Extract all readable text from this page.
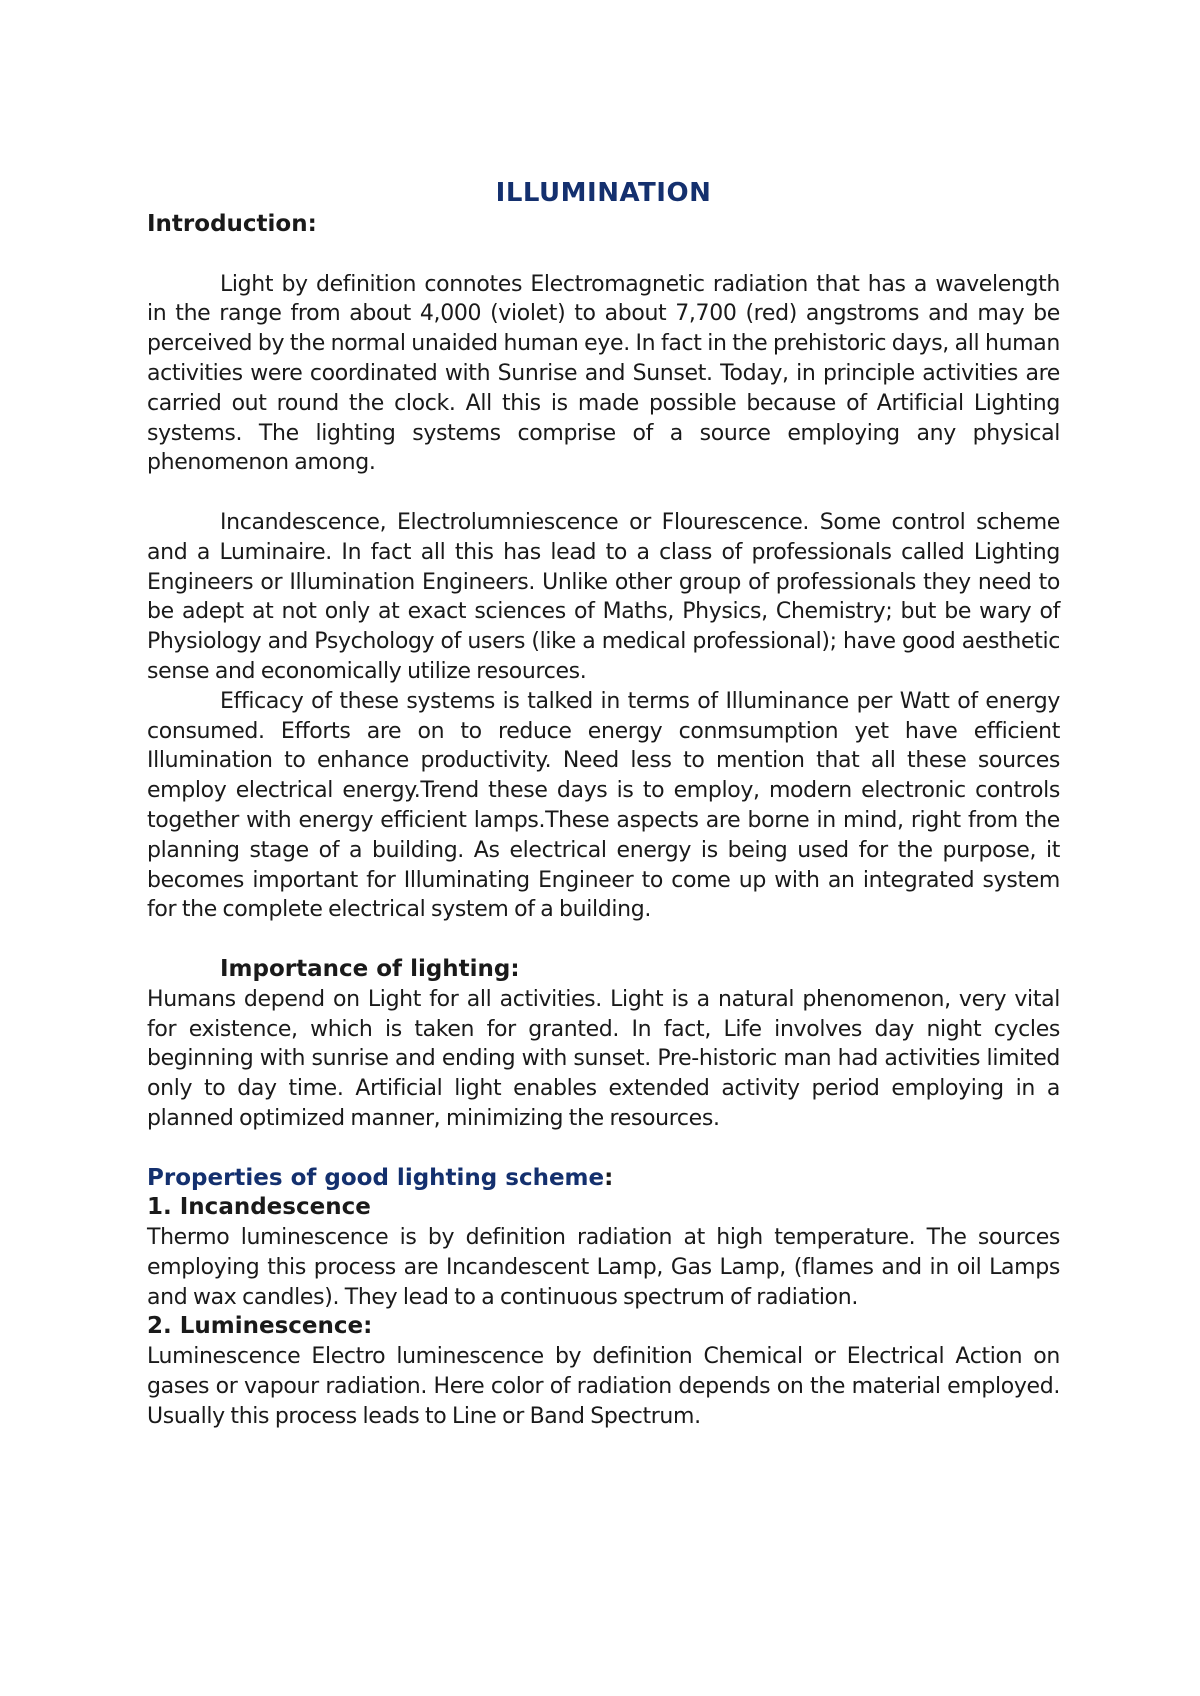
ILLUMINATION

Introduction:

Light by definition connotes Electromagnetic radiation that has a wavelength in the range from about 4,000 (violet) to about 7,700 (red) angstroms and may be perceived by the normal unaided human eye. In fact in the prehistoric days, all human activities were coordinated with Sunrise and Sunset. Today, in principle activities are carried out round the clock. All this is made possible because of Artificial Lighting systems. The lighting systems comprise of a source employing any physical phenomenon among.

Incandescence, Electrolumniescence or Flourescence. Some control scheme and a Luminaire. In fact all this has lead to a class of professionals called Lighting Engineers or Illumination Engineers. Unlike other group of professionals they need to be adept at not only at exact sciences of Maths, Physics, Chemistry; but be wary of Physiology and Psychology of users (like a medical professional); have good aesthetic sense and economically utilize resources.

Efficacy of these systems is talked in terms of Illuminance per Watt of energy consumed. Efforts are on to reduce energy conmsumption yet have efficient Illumination to enhance productivity. Need less to mention that all these sources employ electrical energy.Trend these days is to employ, modern electronic controls together with energy efficient lamps.These aspects are borne in mind, right from the planning stage of a building. As electrical energy is being used for the purpose, it becomes important for Illuminating Engineer to come up with an integrated system for the complete electrical system of a building.

Importance of lighting:

Humans depend on Light for all activities. Light is a natural phenomenon, very vital for existence, which is taken for granted. In fact, Life involves day night cycles beginning with sunrise and ending with sunset. Pre-historic man had activities limited only to day time. Artificial light enables extended activity period employing in a planned optimized manner, minimizing the resources.

Properties of good lighting scheme:

1. Incandescence

Thermo luminescence is by definition radiation at high temperature. The sources employing this process are Incandescent Lamp, Gas Lamp, (flames and in oil Lamps and wax candles). They lead to a continuous spectrum of radiation.

2. Luminescence:

Luminescence Electro luminescence by definition Chemical or Electrical Action on gases or vapour radiation. Here color of radiation depends on the material employed. Usually this process leads to Line or Band Spectrum.
